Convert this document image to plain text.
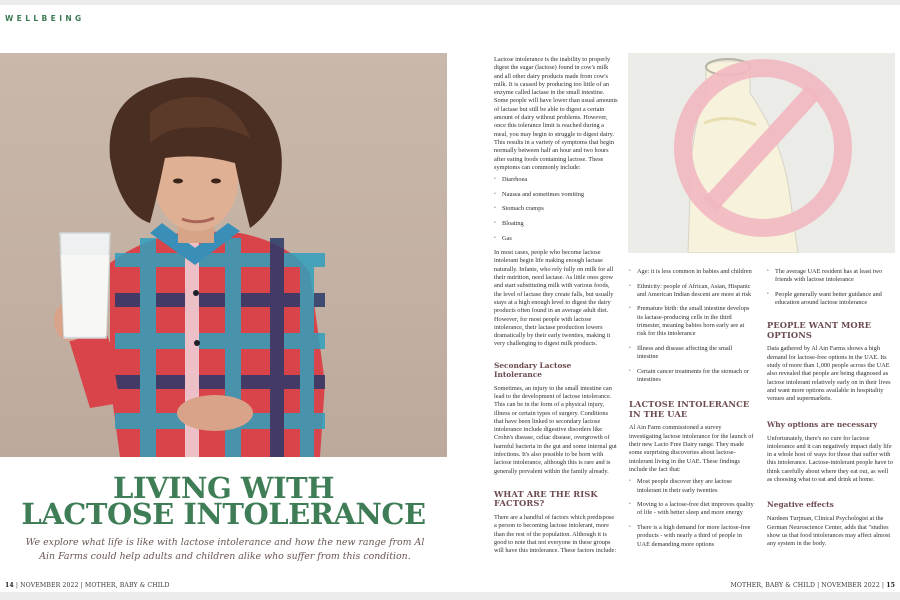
WELLBEING
LIVING WITH
LACTOSE INTOLERANCE
We explore what life is like with lactose intolerance and how the new range from Al Ain Farms could help adults and children alike who suffer from this condition.
14 | NOVEMBER 2022 | MOTHER, BABY & CHILD

Lactose intolerance is the inability to properly digest the sugar (lactose) found in cow's milk and all other dairy products made from cow's milk. It is caused by producing too little of an enzyme called lactase in the small intestine. Some people will have lower than usual amounts of lactase but still be able to digest a certain amount of dairy without problems. However, once this tolerance limit is reached during a meal, you may begin to struggle to digest dairy. This results in a variety of symptoms that begin normally between half an hour and two hours after eating foods containing lactose. These symptoms can commonly include:

• Diarrhoea
• Nausea and sometimes vomiting
• Stomach cramps
• Bloating
• Gas

In most cases, people who become lactose intolerant begin life making enough lactase naturally. Infants, who rely fully on milk for all their nutrition, need lactase. As little ones grow and start substituting milk with various foods, the level of lactase they create falls, but usually stays at a high enough level to digest the dairy products often found in an average adult diet. However, for most people with lactose intolerance, their lactase production lowers dramatically by their early twenties, making it very challenging to digest milk products.

Secondary Lactose Intolerance

Sometimes, an injury to the small intestine can lead to the development of lactose intolerance. This can be in the form of a physical injury, illness or certain types of surgery. Conditions that have been linked to secondary lactose intolerance include digestive disorders like Crohn's disease, celiac disease, overgrowth of harmful bacteria in the gut and some internal gut infections. It's also possible to be born with lactose intolerance, although this is rare and is generally prevalent within the family already.

WHAT ARE THE RISK FACTORS?

There are a handful of factors which predispose a person to becoming lactose intolerant, more than the rest of the population. Although it is good to note that not everyone in these groups will have this intolerance. These factors include:

• Age: it is less common in babies and children
• Ethnicity: people of African, Asian, Hispanic and American Indian descent are more at risk
• Premature birth: the small intestine develops its lactase-producing cells in the third trimester, meaning babies born early are at risk for this intolerance
• Illness and disease affecting the small intestine
• Certain cancer treatments for the stomach or intestines
LACTOSE INTOLERANCE IN THE UAE

Al Ain Farm commissioned a survey investigating lactose intolerance for the launch of their new Lacto Free Dairy range. They made some surprising discoveries about lactose-intolerant living in the UAE. These findings include the fact that:

• Most people discover they are lactose intolerant in their early twenties
• Moving to a lactose-free diet improves quality of life - with better sleep and more energy
• There is a high demand for more lactose-free products - with nearly a third of people in UAE demanding more options
• The average UAE resident has at least two friends with lactose intolerance
• People generally want better guidance and education around lactose intolerance
PEOPLE WANT MORE OPTIONS

Data gathered by Al Ain Farms shows a high demand for lactose-free options in the UAE. Its study of more than 1,000 people across the UAE also revealed that people are being diagnosed as lactose intolerant relatively early on in their lives and want more options available in hospitality venues and supermarkets.

Why options are necessary

Unfortunately, there's no cure for lactose intolerance and it can negatively impact daily life in a whole host of ways for those that suffer with this intolerance. Lactose-intolerant people have to think carefully about where they eat out, as well as choosing what to eat and drink at home.

Negative effects

Nardeen Turjman, Clinical Psychologist at the German Neuroscience Center, adds that "studies show us that food intolerances may affect almost any system in the body.

MOTHER, BABY & CHILD | NOVEMBER 2022 | 15
